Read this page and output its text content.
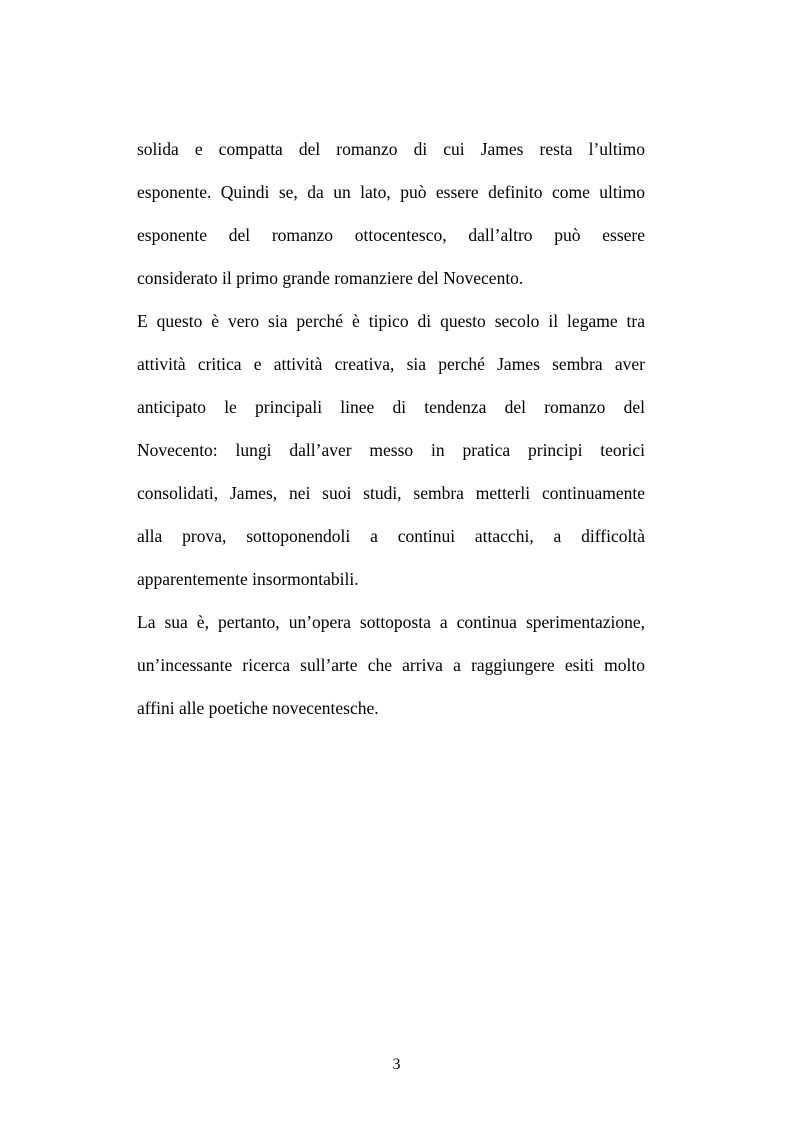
solida e compatta del romanzo di cui James resta l’ultimo
esponente. Quindi se, da un lato, può essere definito come ultimo
esponente del romanzo ottocentesco, dall’altro può essere
considerato il primo grande romanziere del Novecento.
E questo è vero sia perché è tipico di questo secolo il legame tra
attività critica e attività creativa, sia perché James sembra aver
anticipato le principali linee di tendenza del romanzo del
Novecento: lungi dall’aver messo in pratica principi teorici
consolidati, James, nei suoi studi, sembra metterli continuamente
alla prova, sottoponendoli a continui attacchi, a difficoltà
apparentemente insormontabili.
La sua è, pertanto, un’opera sottoposta a continua sperimentazione,
un’incessante ricerca sull’arte che arriva a raggiungere esiti molto
affini alle poetiche novecentesche.
3
